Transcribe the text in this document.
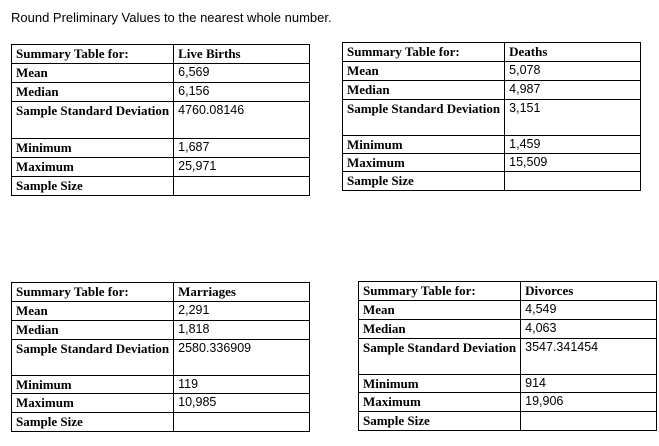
Round Preliminary Values to the nearest whole number.
Summary Table for:	Live Births
Mean	6,569
Median	6,156
Sample Standard Deviation	4760.08146
Minimum	1,687
Maximum	25,971
Sample Size	
Summary Table for:	Deaths
Mean	5,078
Median	4,987
Sample Standard Deviation	3,151
Minimum	1,459
Maximum	15,509
Sample Size	
Summary Table for:	Marriages
Mean	2,291
Median	1,818
Sample Standard Deviation	2580.336909
Minimum	119
Maximum	10,985
Sample Size	
Summary Table for:	Divorces
Mean	4,549
Median	4,063
Sample Standard Deviation	3547.341454
Minimum	914
Maximum	19,906
Sample Size	
